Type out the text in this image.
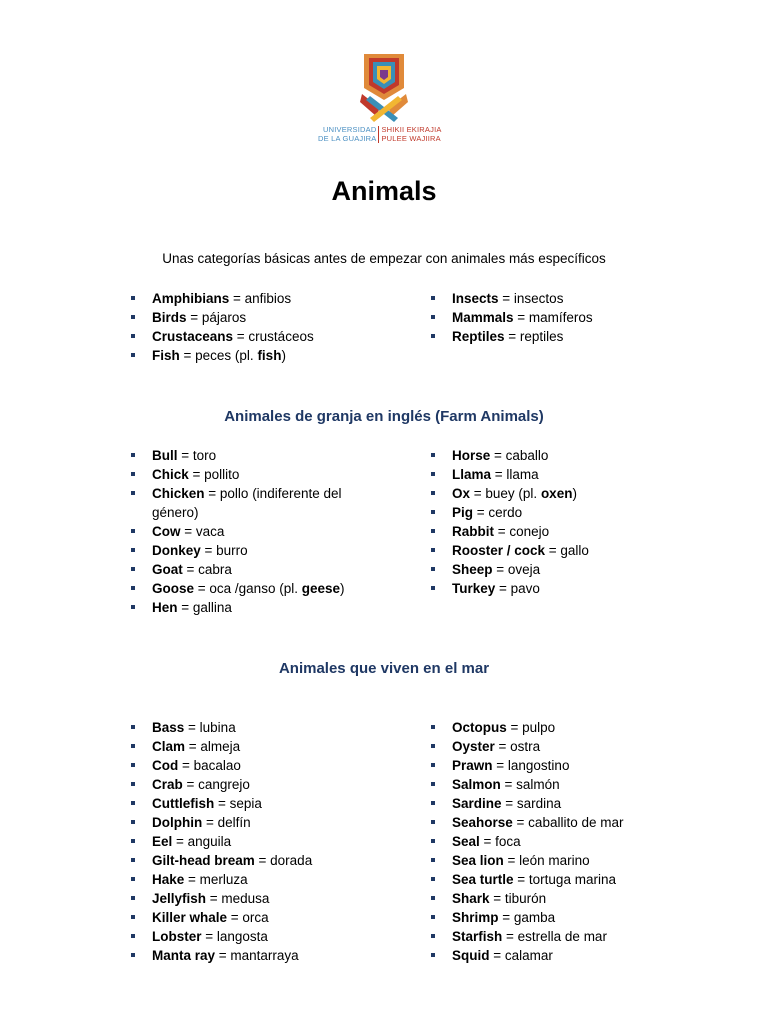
UNIVERSIDAD
DE LA GUAJIRA
SHIKII EKIRAJIA
PULEE WAJIIRA
Animals
Unas categorías básicas antes de empezar con animales más específicos
Amphibians = anfibios
Birds = pájaros
Crustaceans = crustáceos
Fish = peces (pl. fish)
Insects = insectos
Mammals = mamíferos
Reptiles = reptiles
Animales de granja en inglés (Farm Animals)
Bull = toro
Chick = pollito
Chicken = pollo (indiferente del género)
Cow = vaca
Donkey = burro
Goat = cabra
Goose = oca /ganso (pl. geese)
Hen = gallina
Horse = caballo
Llama = llama
Ox = buey (pl. oxen)
Pig = cerdo
Rabbit = conejo
Rooster / cock = gallo
Sheep = oveja
Turkey = pavo
Animales que viven en el mar
Bass = lubina
Clam = almeja
Cod = bacalao
Crab = cangrejo
Cuttlefish = sepia
Dolphin = delfín
Eel = anguila
Gilt-head bream = dorada
Hake = merluza
Jellyfish = medusa
Killer whale = orca
Lobster = langosta
Manta ray = mantarraya
Octopus = pulpo
Oyster = ostra
Prawn = langostino
Salmon = salmón
Sardine = sardina
Seahorse = caballito de mar
Seal = foca
Sea lion = león marino
Sea turtle = tortuga marina
Shark = tiburón
Shrimp = gamba
Starfish = estrella de mar
Squid = calamar
